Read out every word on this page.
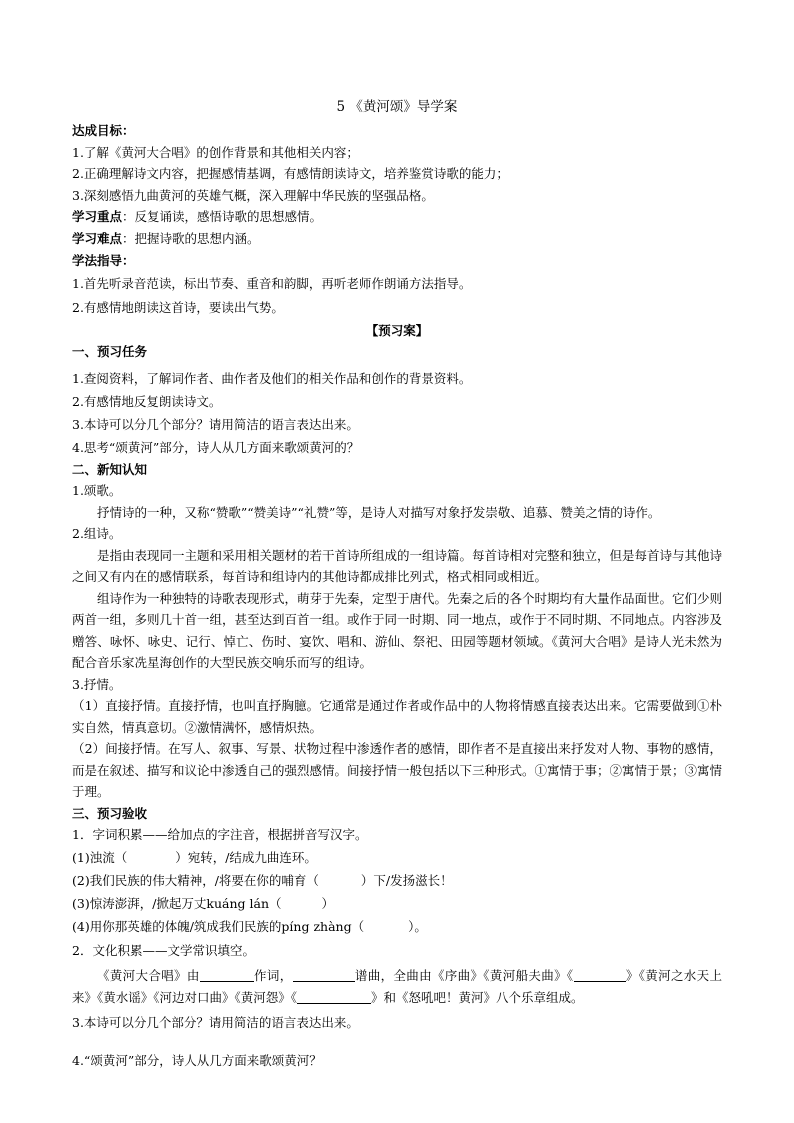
5 《黄河颂》导学案
达成目标：
1.了解《黄河大合唱》的创作背景和其他相关内容；
2.正确理解诗文内容，把握感情基调，有感情朗读诗文，培养鉴赏诗歌的能力；
3.深刻感悟九曲黄河的英雄气概，深入理解中华民族的坚强品格。
学习重点：反复诵读，感悟诗歌的思想感情。
学习难点：把握诗歌的思想内涵。
学法指导：
1.首先听录音范读，标出节奏、重音和韵脚，再听老师作朗诵方法指导。
2.有感情地朗读这首诗，要读出气势。
【预习案】
一、预习任务
1.查阅资料，了解词作者、曲作者及他们的相关作品和创作的背景资料。
2.有感情地反复朗读诗文。
3.本诗可以分几个部分？请用简洁的语言表达出来。
4.思考“颂黄河”部分，诗人从几方面来歌颂黄河的？
二、新知认知
1.颂歌。
抒情诗的一种，又称“赞歌”“赞美诗”“礼赞”等，是诗人对描写对象抒发崇敬、追慕、赞美之情的诗作。
2.组诗。
是指由表现同一主题和采用相关题材的若干首诗所组成的一组诗篇。每首诗相对完整和独立，但是每首诗与其他诗之间又有内在的感情联系，每首诗和组诗内的其他诗都成排比列式，格式相同或相近。
组诗作为一种独特的诗歌表现形式，萌芽于先秦，定型于唐代。先秦之后的各个时期均有大量作品面世。它们少则两首一组，多则几十首一组，甚至达到百首一组。或作于同一时期、同一地点，或作于不同时期、不同地点。内容涉及赠答、咏怀、咏史、记行、悼亡、伤时、宴饮、唱和、游仙、祭祀、田园等题材领域。《黄河大合唱》是诗人光未然为配合音乐家冼星海创作的大型民族交响乐而写的组诗。
3.抒情。
（1）直接抒情。直接抒情，也叫直抒胸臆。它通常是通过作者或作品中的人物将情感直接表达出来。它需要做到①朴实自然，情真意切。②激情满怀，感情炽热。
（2）间接抒情。在写人、叙事、写景、状物过程中渗透作者的感情，即作者不是直接出来抒发对人物、事物的感情，而是在叙述、描写和议论中渗透自己的强烈感情。间接抒情一般包括以下三种形式。①寓情于事；②寓情于景；③寓情于理。
三、预习验收
1．字词积累——给加点的字注音，根据拼音写汉字。
(1)浊流（	）宛转，/结成九曲连环。
(2)我们民族的伟大精神，/将要在你的哺育（	）下/发扬滋长！
(3)惊涛澎湃，/掀起万丈kuáng lán（	）
(4)用你那英雄的体魄/筑成我们民族的píng zhàng（	）。
2．文化积累——文学常识填空。
《黄河大合唱》由	作词，	谱曲，全曲由《序曲》《黄河船夫曲》《	》《黄河之水天上来》《黄水谣》《河边对口曲》《黄河怨》《	》和《怒吼吧！黄河》八个乐章组成。
3.本诗可以分几个部分？请用简洁的语言表达出来。
4.“颂黄河”部分，诗人从几方面来歌颂黄河？
